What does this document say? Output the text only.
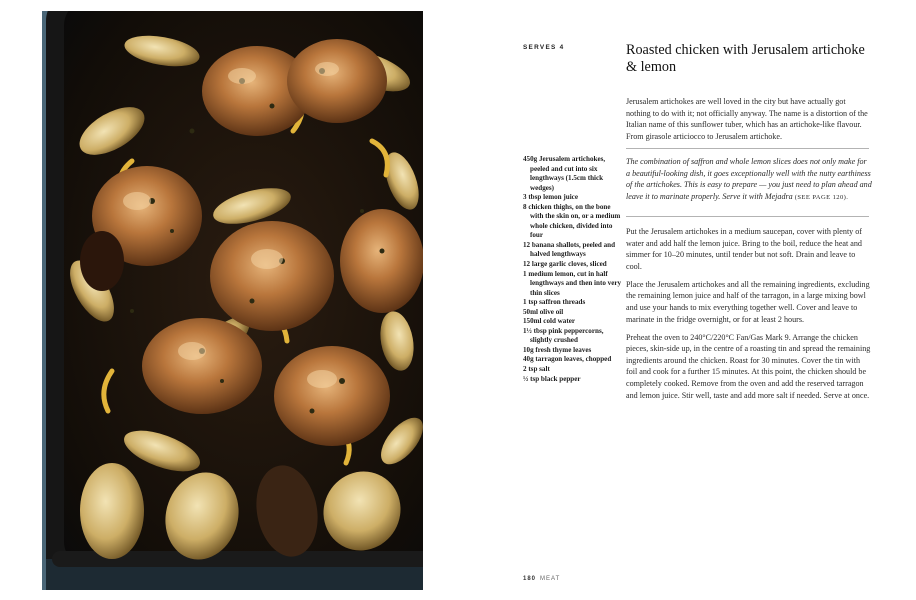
SERVES 4	Roasted chicken with Jerusalem artichoke & lemon

Jerusalem artichokes are well loved in the city but have actually got nothing to do with it; not officially anyway. The name is a distortion of the Italian name of this sunflower tuber, which has an artichoke-like flavour. From girasole articiocco to Jerusalem artichoke.

The combination of saffron and whole lemon slices does not only make for a beautiful-looking dish, it goes exceptionally well with the nutty earthiness of the artichokes. This is easy to prepare — you just need to plan ahead and leave it to marinate properly. Serve it with Mejadra (SEE PAGE 120).

450g Jerusalem artichokes, peeled and cut into six lengthways (1.5cm thick wedges)
3 tbsp lemon juice
8 chicken thighs, on the bone with the skin on, or a medium whole chicken, divided into four
12 banana shallots, peeled and halved lengthways
12 large garlic cloves, sliced
1 medium lemon, cut in half lengthways and then into very thin slices
1 tsp saffron threads
50ml olive oil
150ml cold water
1½ tbsp pink peppercorns, slightly crushed
10g fresh thyme leaves
40g tarragon leaves, chopped
2 tsp salt
½ tsp black pepper

Put the Jerusalem artichokes in a medium saucepan, cover with plenty of water and add half the lemon juice. Bring to the boil, reduce the heat and simmer for 10–20 minutes, until tender but not soft. Drain and leave to cool.

Place the Jerusalem artichokes and all the remaining ingredients, excluding the remaining lemon juice and half of the tarragon, in a large mixing bowl and use your hands to mix everything together well. Cover and leave to marinate in the fridge overnight, or for at least 2 hours.

Preheat the oven to 240°C/220°C Fan/Gas Mark 9. Arrange the chicken pieces, skin-side up, in the centre of a roasting tin and spread the remaining ingredients around the chicken. Roast for 30 minutes. Cover the tin with foil and cook for a further 15 minutes. At this point, the chicken should be completely cooked. Remove from the oven and add the reserved tarragon and lemon juice. Stir well, taste and add more salt if needed. Serve at once.

180 MEAT
